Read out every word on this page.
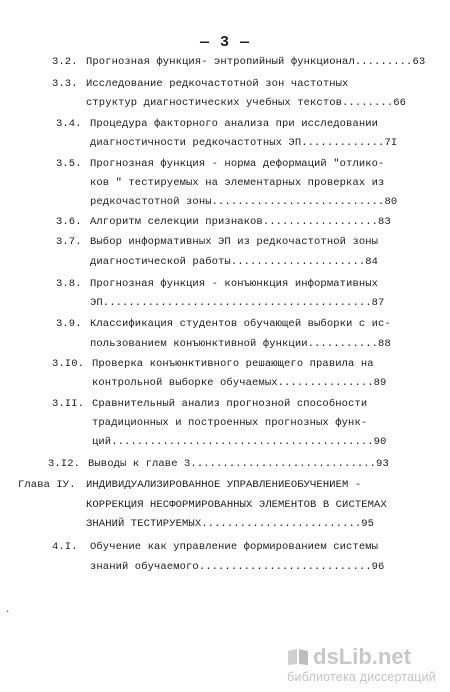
— 3 —
3.2. Прогнозная функция- энтропийный функционал.........63
3.3. Исследование редкочастотной зон частотных
структур диагностических учебных текстов........66
3.4. Процедура факторного анализа при исследовании
диагностичности редкочастотных ЭП.............7I
3.5. Прогнозная функция - норма деформаций "отлико-
ков " тестируемых на элементарных проверках из
редкочастотной зоны...........................80
3.6. Алгоритм селекции признаков..................83
3.7. Выбор информативных ЭП из редкочастотной зоны
диагностической работы.....................84
3.8. Прогнозная функция - конъюнкция информативных
ЭП..........................................87
3.9. Классификация студентов обучающей выборки с ис-
пользованием конъюнктивной функции...........88
3.I0. Проверка конъюнктивного решающего правила на
контрольной выборке обучаемых...............89
3.II. Сравнительный анализ прогнозной способности
традиционных и построенных прогнозных функ-
ций.........................................90
3.I2. Выводы к главе 3.............................93
Глава IУ. ИНДИВИДУАЛИЗИРОВАННОЕ УПРАВЛЕНИЕОБУЧЕНИЕМ -
КОРРЕКЦИЯ НЕСФОРМИРОВАННЫХ ЭЛЕМЕНТОВ В СИСТЕМАХ
ЗНАНИЙ ТЕСТИРУЕМЫХ.........................95
4.I. Обучение как управление формированием системы
знаний обучаемого...........................96
·
dsLib.net
библиотека диссертаций
